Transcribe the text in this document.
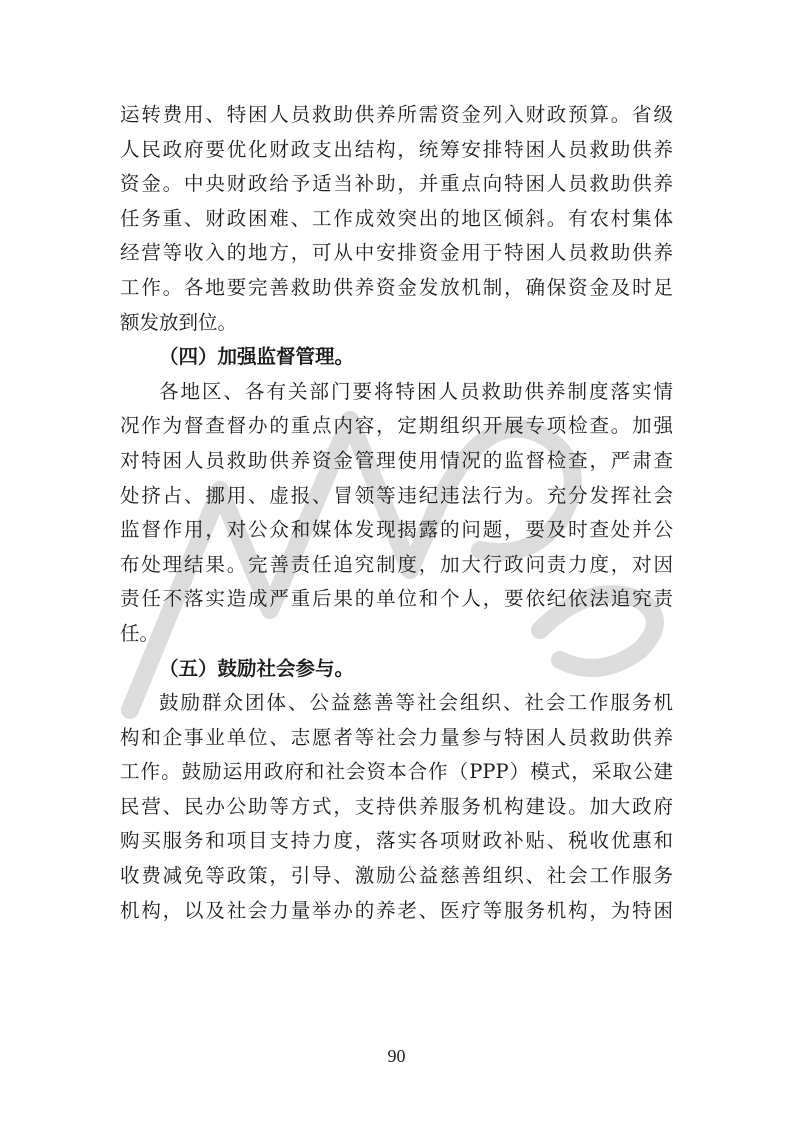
运转费用、特困人员救助供养所需资金列入财政预算。省级
人民政府要优化财政支出结构，统筹安排特困人员救助供养
资金。中央财政给予适当补助，并重点向特困人员救助供养
任务重、财政困难、工作成效突出的地区倾斜。有农村集体
经营等收入的地方，可从中安排资金用于特困人员救助供养
工作。各地要完善救助供养资金发放机制，确保资金及时足
额发放到位。
（四）加强监督管理。
各地区、各有关部门要将特困人员救助供养制度落实情
况作为督查督办的重点内容，定期组织开展专项检查。加强
对特困人员救助供养资金管理使用情况的监督检查，严肃查
处挤占、挪用、虚报、冒领等违纪违法行为。充分发挥社会
监督作用，对公众和媒体发现揭露的问题，要及时查处并公
布处理结果。完善责任追究制度，加大行政问责力度，对因
责任不落实造成严重后果的单位和个人，要依纪依法追究责
任。
（五）鼓励社会参与。
鼓励群众团体、公益慈善等社会组织、社会工作服务机
构和企事业单位、志愿者等社会力量参与特困人员救助供养
工作。鼓励运用政府和社会资本合作（PPP）模式，采取公建
民营、民办公助等方式，支持供养服务机构建设。加大政府
购买服务和项目支持力度，落实各项财政补贴、税收优惠和
收费减免等政策，引导、激励公益慈善组织、社会工作服务
机构，以及社会力量举办的养老、医疗等服务机构，为特困
90
